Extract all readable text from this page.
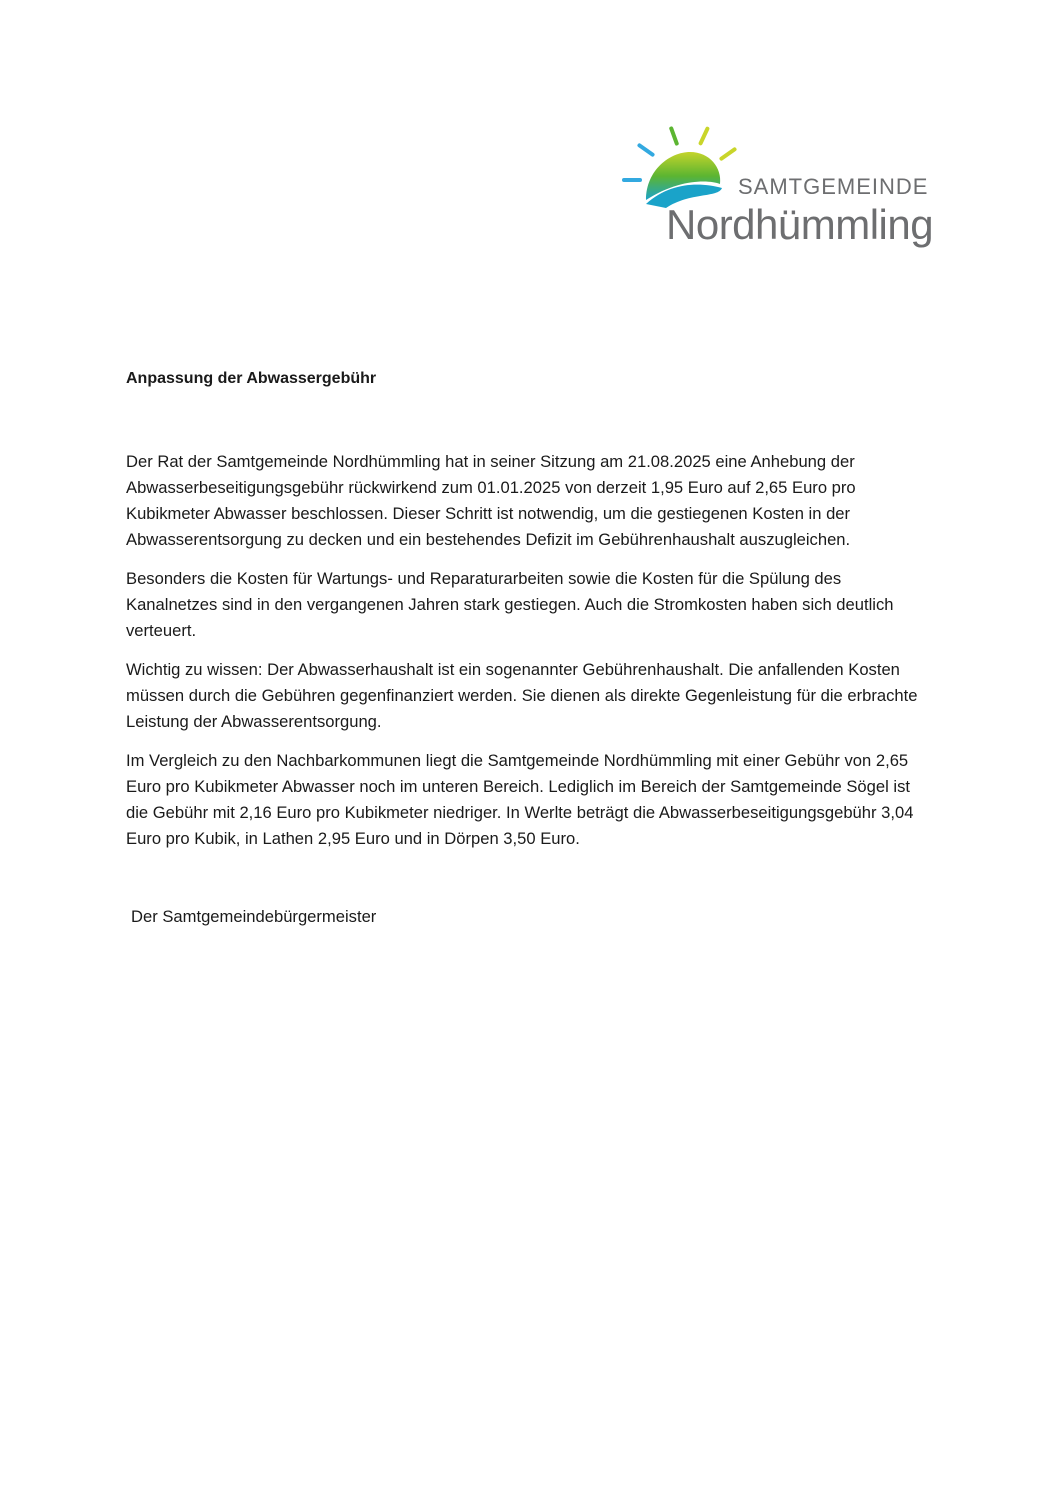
SAMTGEMEINDE
Nordhümmling

Anpassung der Abwassergebühr

Der Rat der Samtgemeinde Nordhümmling hat in seiner Sitzung am 21.08.2025 eine Anhebung der Abwasserbeseitigungsgebühr rückwirkend zum 01.01.2025 von derzeit 1,95 Euro auf 2,65 Euro pro Kubikmeter Abwasser beschlossen. Dieser Schritt ist notwendig, um die gestiegenen Kosten in der Abwasserentsorgung zu decken und ein bestehendes Defizit im Gebührenhaushalt auszugleichen.

Besonders die Kosten für Wartungs- und Reparaturarbeiten sowie die Kosten für die Spülung des Kanalnetzes sind in den vergangenen Jahren stark gestiegen. Auch die Stromkosten haben sich deutlich verteuert.

Wichtig zu wissen: Der Abwasserhaushalt ist ein sogenannter Gebührenhaushalt. Die anfallenden Kosten müssen durch die Gebühren gegenfinanziert werden. Sie dienen als direkte Gegenleistung für die erbrachte Leistung der Abwasserentsorgung.

Im Vergleich zu den Nachbarkommunen liegt die Samtgemeinde Nordhümmling mit einer Gebühr von 2,65 Euro pro Kubikmeter Abwasser noch im unteren Bereich. Lediglich im Bereich der Samtgemeinde Sögel ist die Gebühr mit 2,16 Euro pro Kubikmeter niedriger. In Werlte beträgt die Abwasserbeseitigungsgebühr 3,04 Euro pro Kubik, in Lathen 2,95 Euro und in Dörpen 3,50 Euro.

Der Samtgemeindebürgermeister
